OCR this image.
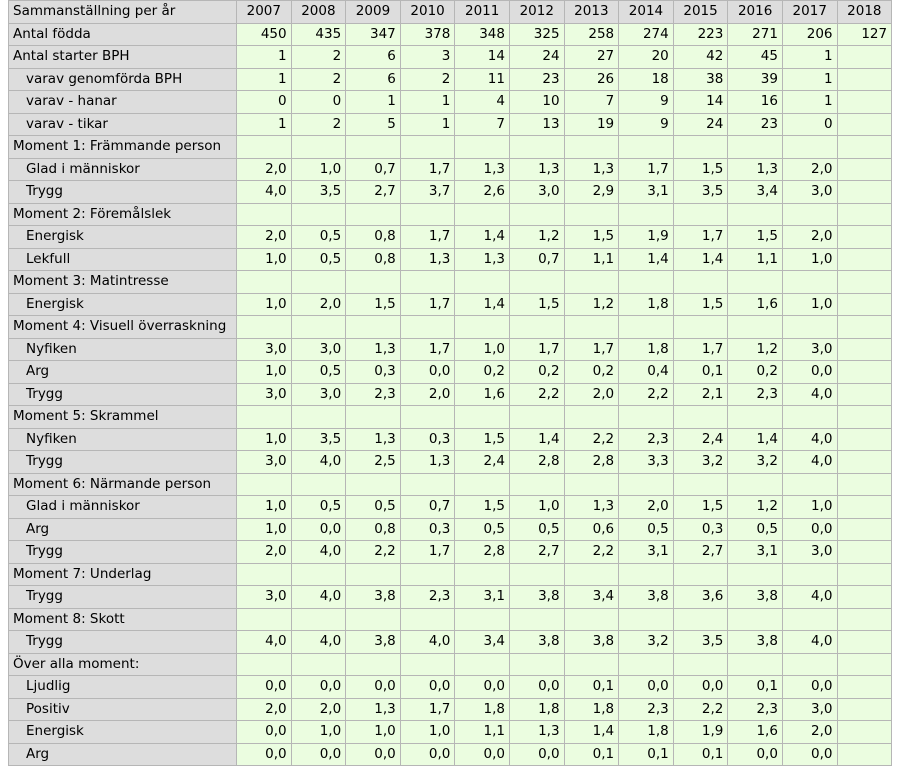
Sammanställning per år	2007	2008	2009	2010	2011	2012	2013	2014	2015	2016	2017	2018
Antal födda	450	435	347	378	348	325	258	274	223	271	206	127
Antal starter BPH	1	2	6	3	14	24	27	20	42	45	1	
varav genomförda BPH	1	2	6	2	11	23	26	18	38	39	1	
varav - hanar	0	0	1	1	4	10	7	9	14	16	1	
varav - tikar	1	2	5	1	7	13	19	9	24	23	0	
Moment 1: Främmande person												
Glad i människor	2,0	1,0	0,7	1,7	1,3	1,3	1,3	1,7	1,5	1,3	2,0	
Trygg	4,0	3,5	2,7	3,7	2,6	3,0	2,9	3,1	3,5	3,4	3,0	
Moment 2: Föremålslek												
Energisk	2,0	0,5	0,8	1,7	1,4	1,2	1,5	1,9	1,7	1,5	2,0	
Lekfull	1,0	0,5	0,8	1,3	1,3	0,7	1,1	1,4	1,4	1,1	1,0	
Moment 3: Matintresse												
Energisk	1,0	2,0	1,5	1,7	1,4	1,5	1,2	1,8	1,5	1,6	1,0	
Moment 4: Visuell överraskning												
Nyfiken	3,0	3,0	1,3	1,7	1,0	1,7	1,7	1,8	1,7	1,2	3,0	
Arg	1,0	0,5	0,3	0,0	0,2	0,2	0,2	0,4	0,1	0,2	0,0	
Trygg	3,0	3,0	2,3	2,0	1,6	2,2	2,0	2,2	2,1	2,3	4,0	
Moment 5: Skrammel												
Nyfiken	1,0	3,5	1,3	0,3	1,5	1,4	2,2	2,3	2,4	1,4	4,0	
Trygg	3,0	4,0	2,5	1,3	2,4	2,8	2,8	3,3	3,2	3,2	4,0	
Moment 6: Närmande person												
Glad i människor	1,0	0,5	0,5	0,7	1,5	1,0	1,3	2,0	1,5	1,2	1,0	
Arg	1,0	0,0	0,8	0,3	0,5	0,5	0,6	0,5	0,3	0,5	0,0	
Trygg	2,0	4,0	2,2	1,7	2,8	2,7	2,2	3,1	2,7	3,1	3,0	
Moment 7: Underlag												
Trygg	3,0	4,0	3,8	2,3	3,1	3,8	3,4	3,8	3,6	3,8	4,0	
Moment 8: Skott												
Trygg	4,0	4,0	3,8	4,0	3,4	3,8	3,8	3,2	3,5	3,8	4,0	
Över alla moment:												
Ljudlig	0,0	0,0	0,0	0,0	0,0	0,0	0,1	0,0	0,0	0,1	0,0	
Positiv	2,0	2,0	1,3	1,7	1,8	1,8	1,8	2,3	2,2	2,3	3,0	
Energisk	0,0	1,0	1,0	1,0	1,1	1,3	1,4	1,8	1,9	1,6	2,0	
Arg	0,0	0,0	0,0	0,0	0,0	0,0	0,1	0,1	0,1	0,0	0,0	
